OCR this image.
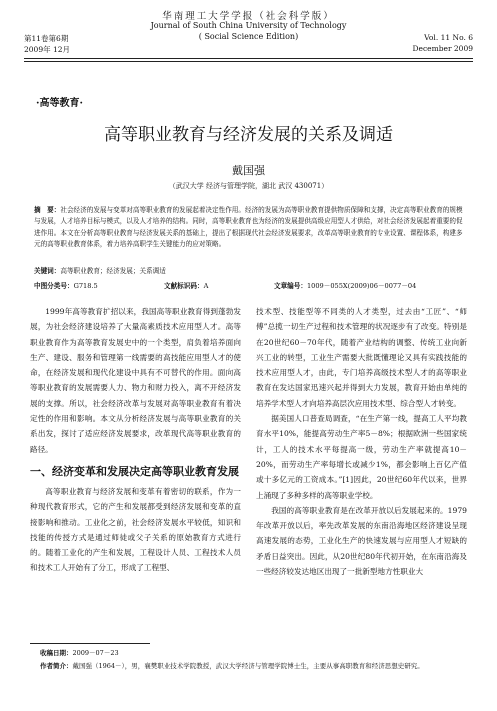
华南理工大学学报（社会科学版）
Journal of South China University of Technology
( Social Science Edition)
第11卷第6期
2009年 12月
Vol. 11 No. 6
December 2009
·高等教育·
高等职业教育与经济发展的关系及调适
戴国强
（武汉大学 经济与管理学院，湖北 武汉 430071）
摘　要：社会经济的发展与变革对高等职业教育的发展起着决定性作用。经济的发展为高等职业教育提供物质保障和支撑，决定高等职业教育的规模与发展，人才培养目标与模式，以及人才培养的结构。同时，高等职业教育也为经济的发展提供高级应用型人才供给，对社会经济发展起着重要的促进作用。本文在分析高等职业教育与经济发展关系的基础上，提出了根据现代社会经济发展要求，改革高等职业教育的专业设置、课程体系，构建多元的高等职业教育体系，着力培养高职学生关键能力的应对策略。
关键词：高等职业教育；经济发展；关系调适
中图分类号：G718.5	文献标识码：A	文章编号：1009－055X(2009)06－0077－04

1999年高等教育扩招以来，我国高等职业教育得到蓬勃发展，为社会经济建设培养了大量高素质技术应用型人才。高等职业教育作为高等教育发展史中的一个类型，肩负着培养面向生产、建设、服务和管理第一线需要的高技能应用型人才的使命，在经济发展和现代化建设中具有不可替代的作用。面向高等职业教育的发展需要人力、物力和财力投入，离不开经济发展的支撑。所以，社会经济改革与发展对高等职业教育有着决定性的作用和影响。本文从分析经济发展与高等职业教育的关系出发，探讨了适应经济发展要求，改革现代高等职业教育的路径。

一、经济变革和发展决定高等职业教育发展

高等职业教育与经济发展和变革有着密切的联系，作为一种现代教育形式，它的产生和发展都受到经济发展和变革的直接影响和推动。工业化之前，社会经济发展水平较低，知识和技能的传授方式是通过师徒或父子关系的原始教育方式进行的。随着工业化的产生和发展，工程设计人员、工程技术人员和技术工人开始有了分工，形成了工程型、

技术型、技能型等不同类的人才类型，过去由“工匠”、“师傅”总揽一切生产过程和技术管理的状况逐步有了改变。特别是在20世纪60－70年代，随着产业结构的调整、传统工业向新兴工业的转型，工业生产需要大批既懂理论又具有实践技能的技术应用型人才，由此，专门培养高级技术型人才的高等职业教育在发达国家迅速兴起并得到大力发展，教育开始由单纯的培养学术型人才向培养高层次应用技术型、综合型人才转变。

据美国人口普查局调查，“在生产第一线，提高工人平均教育水平10%，能提高劳动生产率5－8%；根据欧洲一些国家统计，工人的技术水平每提高一级，劳动生产率就提高10－20%，而劳动生产率每增长或减少1%，都会影响上百亿产值或十多亿元的工资成本。”[1]因此，20世纪60年代以来，世界上涌现了多种多样的高等职业学校。

我国的高等职业教育是在改革开放以后发展起来的。1979年改革开放以后，率先改革发展的东南沿海地区经济建设呈现高速发展的态势，工业化生产的快速发展与应用型人才短缺的矛盾日益突出。因此，从20世纪80年代初开始，在东南沿海及一些经济较发达地区出现了一批新型地方性职业大

收稿日期：2009－07－23
作者简介：戴国强（1964－），男，襄樊职业技术学院教授，武汉大学经济与管理学院博士生，主要从事高职教育和经济思想史研究。
